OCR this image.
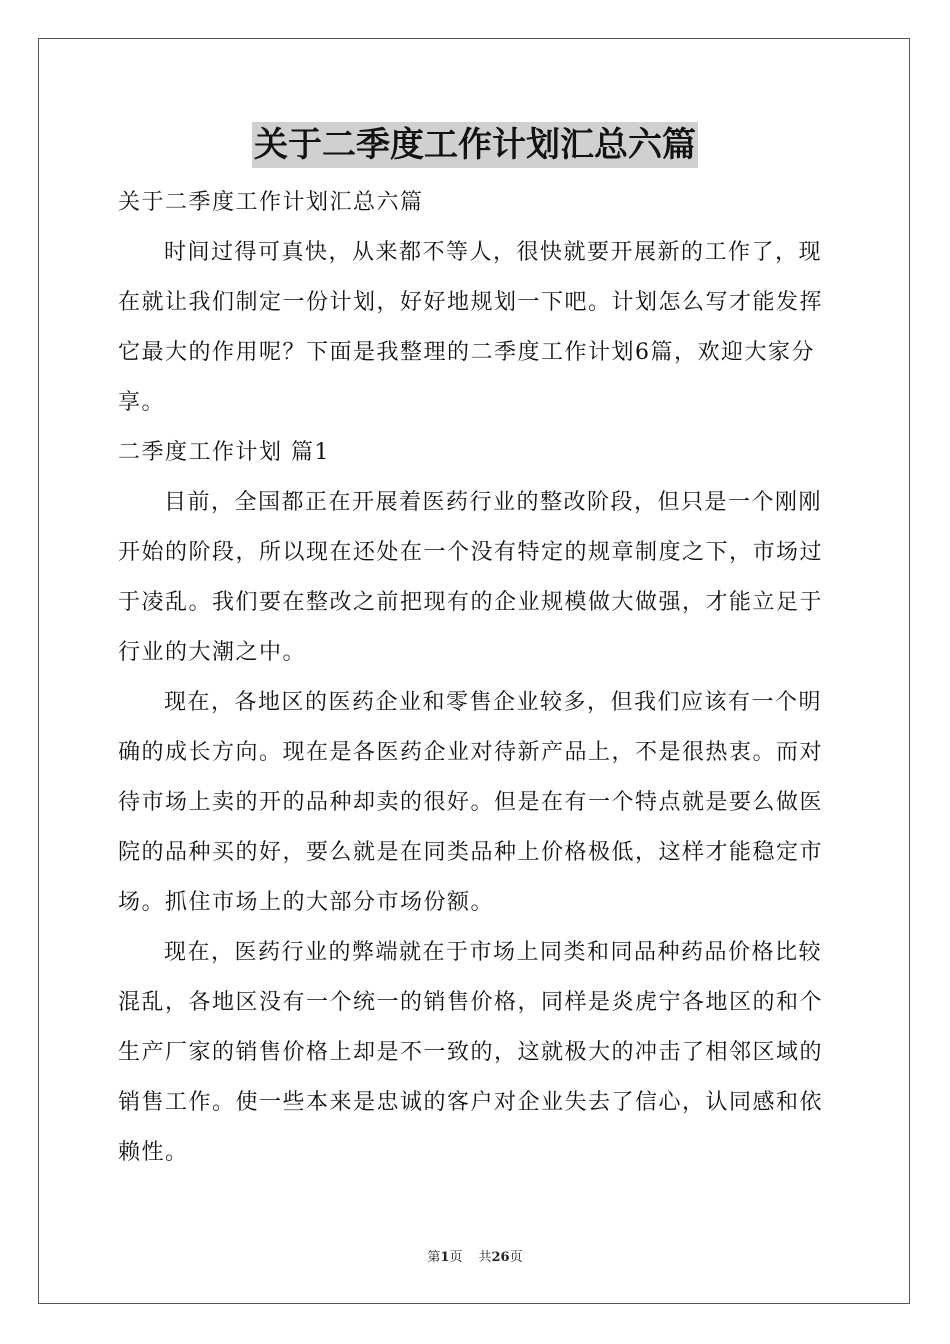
关于二季度工作计划汇总六篇
关于二季度工作计划汇总六篇
时间过得可真快，从来都不等人，很快就要开展新的工作了，现
在就让我们制定一份计划，好好地规划一下吧。计划怎么写才能发挥
它最大的作用呢？下面是我整理的二季度工作计划6篇，欢迎大家分
享。
二季度工作计划 篇1
目前，全国都正在开展着医药行业的整改阶段，但只是一个刚刚
开始的阶段，所以现在还处在一个没有特定的规章制度之下，市场过
于凌乱。我们要在整改之前把现有的企业规模做大做强，才能立足于
行业的大潮之中。
现在，各地区的医药企业和零售企业较多，但我们应该有一个明
确的成长方向。现在是各医药企业对待新产品上，不是很热衷。而对
待市场上卖的开的品种却卖的很好。但是在有一个特点就是要么做医
院的品种买的好，要么就是在同类品种上价格极低，这样才能稳定市
场。抓住市场上的大部分市场份额。
现在，医药行业的弊端就在于市场上同类和同品种药品价格比较
混乱，各地区没有一个统一的销售价格，同样是炎虎宁各地区的和个
生产厂家的销售价格上却是不一致的，这就极大的冲击了相邻区域的
销售工作。使一些本来是忠诚的客户对企业失去了信心，认同感和依
赖性。
第1页 共26页
